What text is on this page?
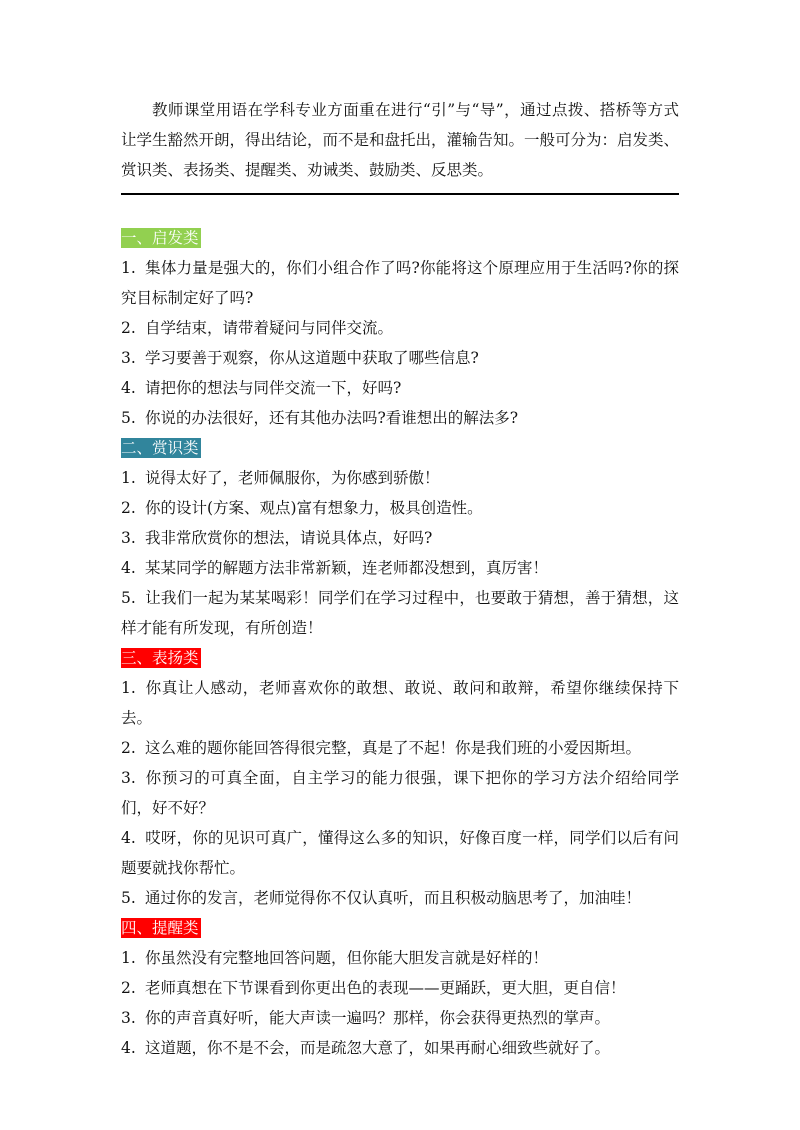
教师课堂用语在学科专业方面重在进行“引”与“导”，通过点拨、搭桥等方式让学生豁然开朗，得出结论，而不是和盘托出，灌输告知。一般可分为：启发类、赏识类、表扬类、提醒类、劝诫类、鼓励类、反思类。

一、启发类

1. 集体力量是强大的，你们小组合作了吗?你能将这个原理应用于生活吗?你的探究目标制定好了吗?

2. 自学结束，请带着疑问与同伴交流。

3. 学习要善于观察，你从这道题中获取了哪些信息?

4. 请把你的想法与同伴交流一下，好吗?

5. 你说的办法很好，还有其他办法吗?看谁想出的解法多?

二、赏识类

1. 说得太好了，老师佩服你，为你感到骄傲！

2. 你的设计(方案、观点)富有想象力，极具创造性。

3. 我非常欣赏你的想法，请说具体点，好吗?

4. 某某同学的解题方法非常新颖，连老师都没想到，真厉害！

5. 让我们一起为某某喝彩！同学们在学习过程中，也要敢于猜想，善于猜想，这样才能有所发现，有所创造！

三、表扬类

1. 你真让人感动，老师喜欢你的敢想、敢说、敢问和敢辩，希望你继续保持下去。

2. 这么难的题你能回答得很完整，真是了不起！你是我们班的小爱因斯坦。

3. 你预习的可真全面，自主学习的能力很强，课下把你的学习方法介绍给同学们，好不好？

4. 哎呀，你的见识可真广，懂得这么多的知识，好像百度一样，同学们以后有问题要就找你帮忙。

5. 通过你的发言，老师觉得你不仅认真听，而且积极动脑思考了，加油哇！

四、提醒类

1. 你虽然没有完整地回答问题，但你能大胆发言就是好样的！

2. 老师真想在下节课看到你更出色的表现——更踊跃，更大胆，更自信！

3. 你的声音真好听，能大声读一遍吗？那样，你会获得更热烈的掌声。

4. 这道题，你不是不会，而是疏忽大意了，如果再耐心细致些就好了。
